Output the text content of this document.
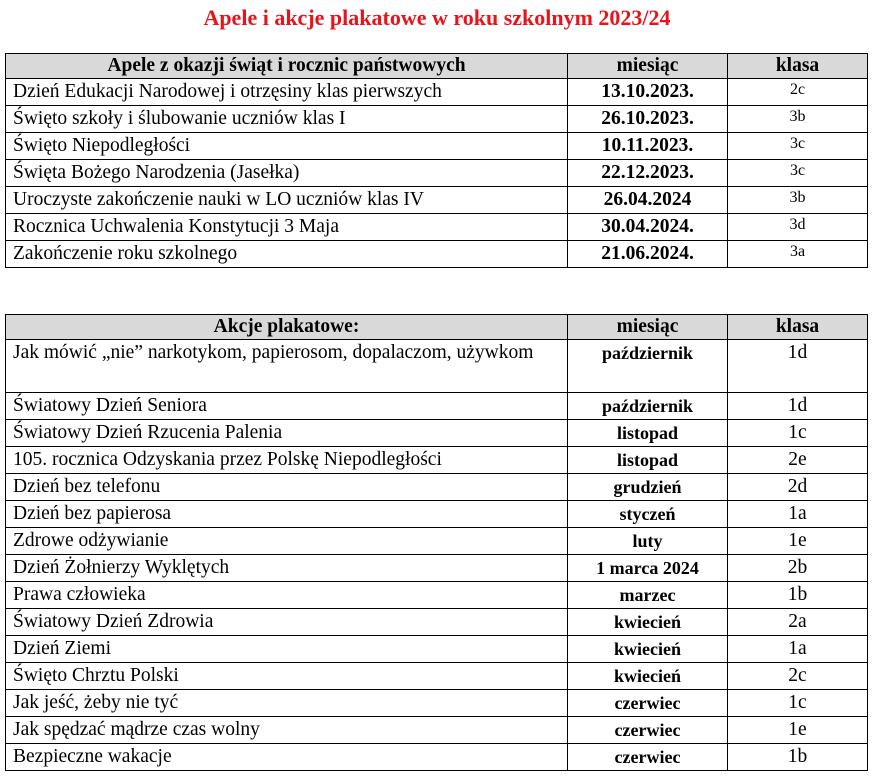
Apele i akcje plakatowe w roku szkolnym 2023/24
Apele z okazji świąt i rocznic państwowych	miesiąc	klasa
Dzień Edukacji Narodowej i otrzęsiny klas pierwszych	13.10.2023.	2c
Święto szkoły i ślubowanie uczniów klas I	26.10.2023.	3b
Święto Niepodległości	10.11.2023.	3c
Święta Bożego Narodzenia (Jasełka)	22.12.2023.	3c
Uroczyste zakończenie nauki w LO uczniów klas IV	26.04.2024	3b
Rocznica Uchwalenia Konstytucji 3 Maja	30.04.2024.	3d
Zakończenie roku szkolnego	21.06.2024.	3a
Akcje plakatowe:	miesiąc	klasa
Jak mówić „nie” narkotykom, papierosom, dopalaczom, używkom	październik	1d
Światowy Dzień Seniora	październik	1d
Światowy Dzień Rzucenia Palenia	listopad	1c
105. rocznica Odzyskania przez Polskę Niepodległości	listopad	2e
Dzień bez telefonu	grudzień	2d
Dzień bez papierosa	styczeń	1a
Zdrowe odżywianie	luty	1e
Dzień Żołnierzy Wyklętych	1 marca 2024	2b
Prawa człowieka	marzec	1b
Światowy Dzień Zdrowia	kwiecień	2a
Dzień Ziemi	kwiecień	1a
Święto Chrztu Polski	kwiecień	2c
Jak jeść, żeby nie tyć	czerwiec	1c
Jak spędzać mądrze czas wolny	czerwiec	1e
Bezpieczne wakacje	czerwiec	1b
